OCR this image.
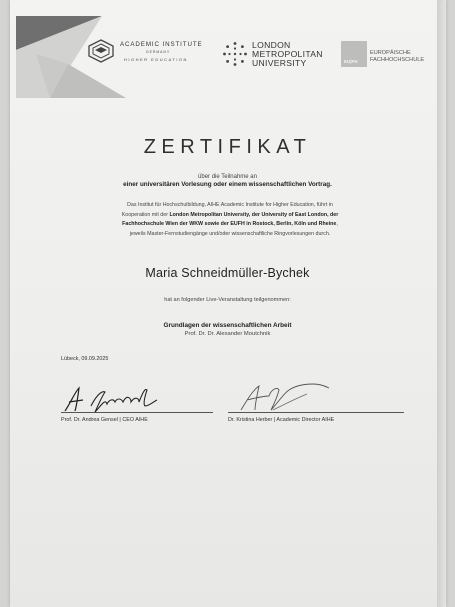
ACADEMIC INSTITUTE
GERMANY
HIGHER EDUCATION
LONDON
METROPOLITAN
UNIVERSITY	EU|FH
EUROPÄISCHE
FACHHOCHSCHULE
ZERTIFIKAT
über die Teilnahme an
einer universitären Vorlesung oder einem wissenschaftlichen Vortrag.
Das Institut für Hochschulbildung, AIHE Academic Institute for Higher Education, führt in
Kooperation mit der London Metropolitan University, der University of East London, der
Fachhochschule Wien der WKW sowie der EUFH in Rostock, Berlin, Köln und Rheine,
jeweils Master-Fernstudiengänge und/oder wissenschaftliche Ringvorlesungen durch.
Maria Schneidmüller-Bychek
hat an folgender Live-Veranstaltung teilgenommen:
Grundlagen der wissenschaftlichen Arbeit
Prof. Dr. Dr. Alexander Moutchnik
Lübeck, 09.09.2025
Prof. Dr. Andrea Gensel | CEO AIHE	Dr. Kristina Herber | Academic Director AIHE
